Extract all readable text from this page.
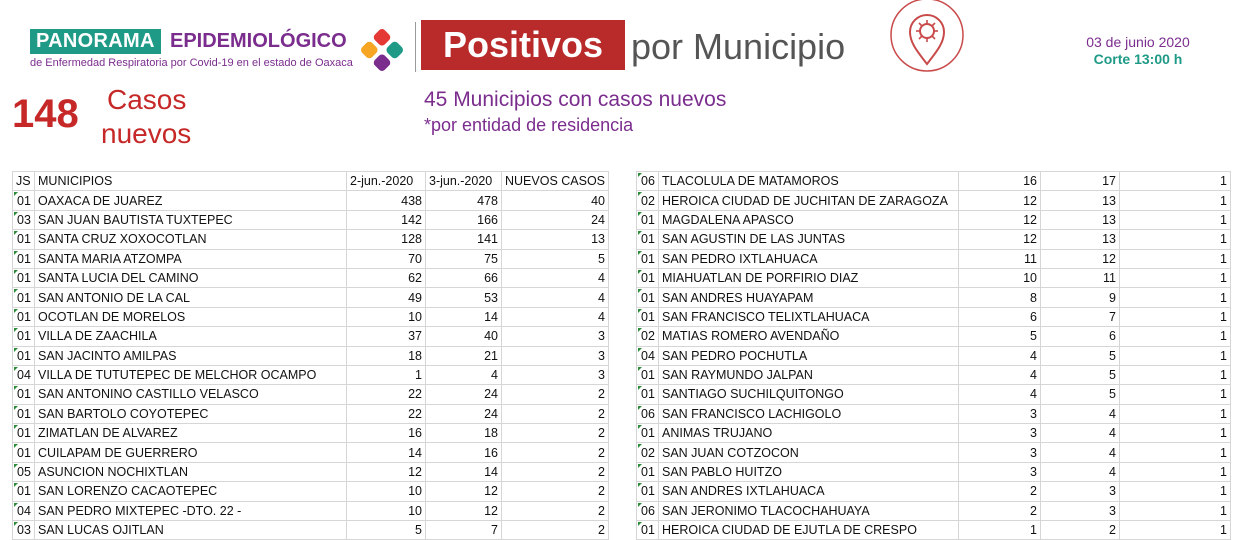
PANORAMA EPIDEMIOLÓGICO
de Enfermedad Respiratoria por Covid-19 en el estado de Oaxaca	Positivos por Municipio	03 de junio 2020
Corte 13:00 h
148 Casos
nuevos
45 Municipios con casos nuevos
*por entidad de residencia
JS	MUNICIPIOS	2-jun.-2020	3-jun.-2020	NUEVOS CASOS
01	OAXACA DE JUAREZ	438	478	40
03	SAN JUAN BAUTISTA TUXTEPEC	142	166	24
01	SANTA CRUZ XOXOCOTLAN	128	141	13
01	SANTA MARIA ATZOMPA	70	75	5
01	SANTA LUCIA DEL CAMINO	62	66	4
01	SAN ANTONIO DE LA CAL	49	53	4
01	OCOTLAN DE MORELOS	10	14	4
01	VILLA DE ZAACHILA	37	40	3
01	SAN JACINTO AMILPAS	18	21	3
04	VILLA DE TUTUTEPEC DE MELCHOR OCAMPO	1	4	3
01	SAN ANTONINO CASTILLO VELASCO	22	24	2
01	SAN BARTOLO COYOTEPEC	22	24	2
01	ZIMATLAN DE ALVAREZ	16	18	2
01	CUILAPAM DE GUERRERO	14	16	2
05	ASUNCION NOCHIXTLAN	12	14	2
01	SAN LORENZO CACAOTEPEC	10	12	2
04	SAN PEDRO MIXTEPEC -DTO. 22 -	10	12	2
03	SAN LUCAS OJITLAN	5	7	2
06	TLACOLULA DE MATAMOROS	16	17	1
02	HEROICA CIUDAD DE JUCHITAN DE ZARAGOZA	12	13	1
01	MAGDALENA APASCO	12	13	1
01	SAN AGUSTIN DE LAS JUNTAS	12	13	1
01	SAN PEDRO IXTLAHUACA	11	12	1
01	MIAHUATLAN DE PORFIRIO DIAZ	10	11	1
01	SAN ANDRES HUAYAPAM	8	9	1
01	SAN FRANCISCO TELIXTLAHUACA	6	7	1
02	MATIAS ROMERO AVENDAÑO	5	6	1
04	SAN PEDRO POCHUTLA	4	5	1
01	SAN RAYMUNDO JALPAN	4	5	1
01	SANTIAGO SUCHILQUITONGO	4	5	1
06	SAN FRANCISCO LACHIGOLO	3	4	1
01	ANIMAS TRUJANO	3	4	1
02	SAN JUAN COTZOCON	3	4	1
01	SAN PABLO HUITZO	3	4	1
01	SAN ANDRES IXTLAHUACA	2	3	1
06	SAN JERONIMO TLACOCHAHUAYA	2	3	1
01	HEROICA CIUDAD DE EJUTLA DE CRESPO	1	2	1
